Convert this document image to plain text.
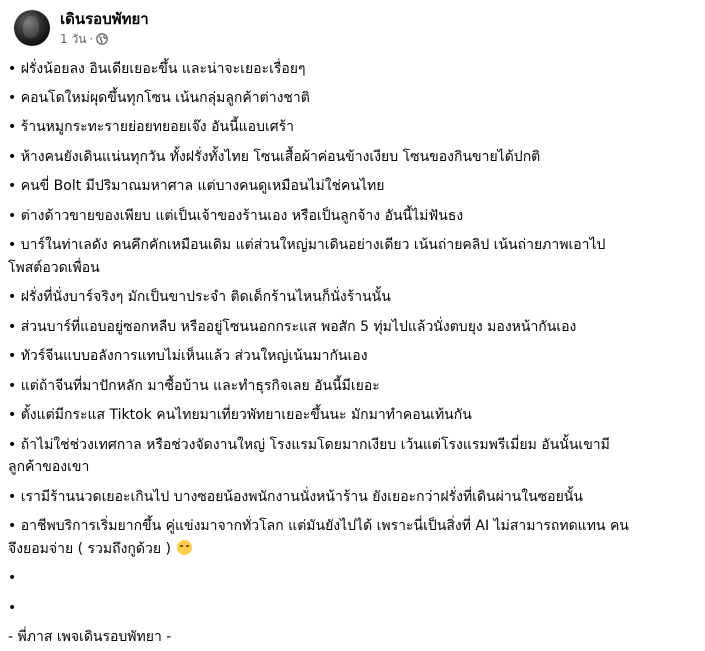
เดินรอบพัทยา
1 วัน ·
• ฝรั่งน้อยลง อินเดียเยอะขึ้น และน่าจะเยอะเรื่อยๆ
• คอนโดใหม่ผุดขึ้นทุกโซน เน้นกลุ่มลูกค้าต่างชาติ
• ร้านหมูกระทะรายย่อยทยอยเจ๊ง อันนี้แอบเศร้า
• ห้างคนยังเดินแน่นทุกวัน ทั้งฝรั่งทั้งไทย โซนเสื้อผ้าค่อนข้างเงียบ โซนของกินขายได้ปกติ
• คนขี่ Bolt มีปริมาณมหาศาล แต่บางคนดูเหมือนไม่ใช่คนไทย
• ต่างด้าวขายของเพียบ แต่เป็นเจ้าของร้านเอง หรือเป็นลูกจ้าง อันนี้ไม่ฟันธง
• บาร์ในท่าเลดัง คนคึกคักเหมือนเดิม แต่ส่วนใหญ่มาเดินอย่างเดียว เน้นถ่ายคลิป เน้นถ่ายภาพเอาไป
โพสต์อวดเพื่อน
• ฝรั่งที่นั่งบาร์จริงๆ มักเป็นขาประจำ ติดเด็กร้านไหนก็นั่งร้านนั้น
• ส่วนบาร์ที่แอบอยู่ซอกหลืบ หรืออยู่โซนนอกกระแส พอสัก 5 ทุ่มไปแล้วนั่งตบยุง มองหน้ากันเอง
• ทัวร์จีนแบบอลังการแทบไม่เห็นแล้ว ส่วนใหญ่เน้นมากันเอง
• แต่ถ้าจีนที่มาปักหลัก มาซื้อบ้าน และทำธุรกิจเลย อันนี้มีเยอะ
• ตั้งแต่มีกระแส Tiktok คนไทยมาเที่ยวพัทยาเยอะขึ้นนะ มักมาทำคอนเท้นกัน
• ถ้าไม่ใช่ช่วงเทศกาล หรือช่วงจัดงานใหญ่ โรงแรมโดยมากเงียบ เว้นแต่โรงแรมพรีเมี่ยม อันนั้นเขามี
ลูกค้าของเขา
• เรามีร้านนวดเยอะเกินไป บางซอยน้องพนักงานนั่งหน้าร้าน ยังเยอะกว่าฝรั่งที่เดินผ่านในซอยนั้น
• อาชีพบริการเริ่มยากขึ้น คู่แข่งมาจากทั่วโลก แต่มันยังไปได้ เพราะนี่เป็นสิ่งที่ AI ไม่สามารถทดแทน คน
จึงยอมจ่าย ( รวมถึงกูด้วย )
•
•
- พี่ภาส เพจเดินรอบพัทยา -
